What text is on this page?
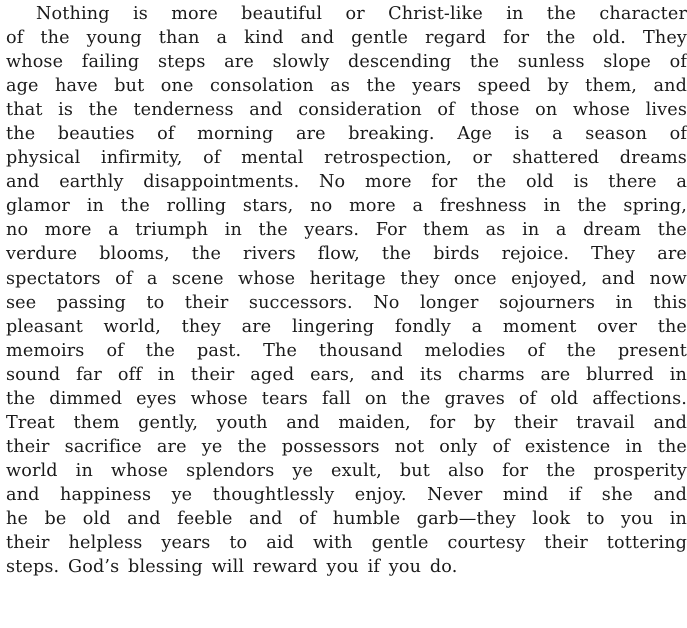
Nothing is more beautiful or Christ-like in the character
of the young than a kind and gentle regard for the old. They
whose failing steps are slowly descending the sunless slope of
age have but one consolation as the years speed by them, and
that is the tenderness and consideration of those on whose lives
the beauties of morning are breaking. Age is a season of
physical infirmity, of mental retrospection, or shattered dreams
and earthly disappointments. No more for the old is there a
glamor in the rolling stars, no more a freshness in the spring,
no more a triumph in the years. For them as in a dream the
verdure blooms, the rivers flow, the birds rejoice. They are
spectators of a scene whose heritage they once enjoyed, and now
see passing to their successors. No longer sojourners in this
pleasant world, they are lingering fondly a moment over the
memoirs of the past. The thousand melodies of the present
sound far off in their aged ears, and its charms are blurred in
the dimmed eyes whose tears fall on the graves of old affections.
Treat them gently, youth and maiden, for by their travail and
their sacrifice are ye the possessors not only of existence in the
world in whose splendors ye exult, but also for the prosperity
and happiness ye thoughtlessly enjoy. Never mind if she and
he be old and feeble and of humble garb—they look to you in
their helpless years to aid with gentle courtesy their tottering
steps. God’s blessing will reward you if you do.
